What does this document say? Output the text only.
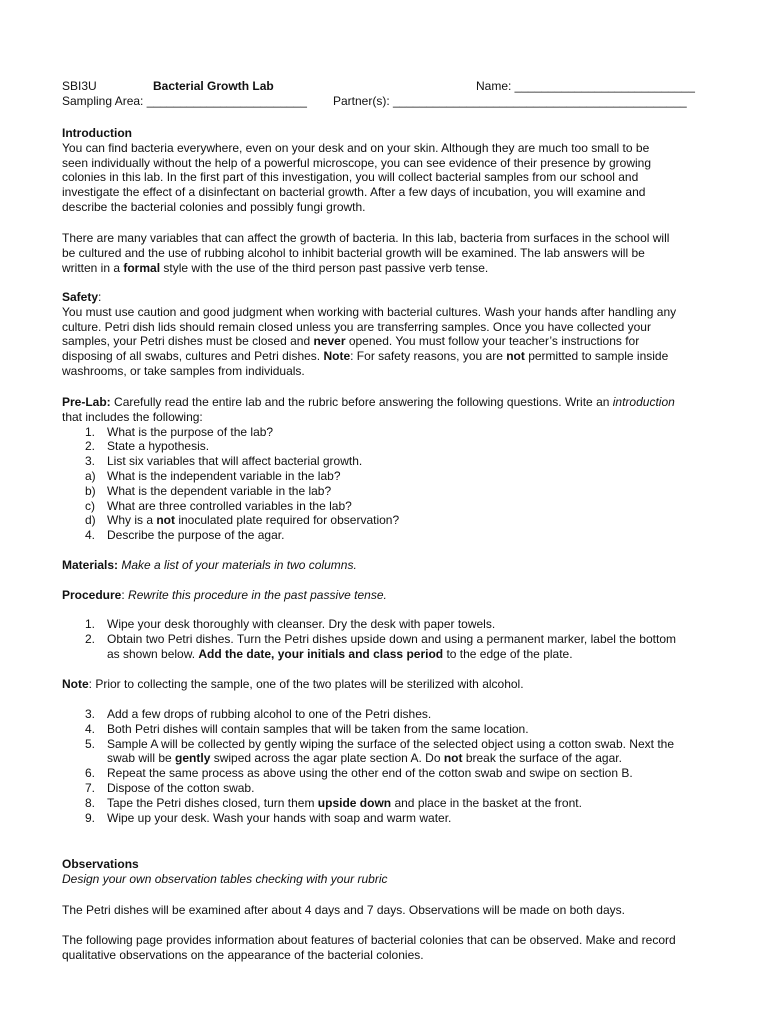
SBI3U	Bacterial Growth Lab	Name: ___________________________
Sampling Area: ________________________ Partner(s): ____________________________________________

Introduction

You can find bacteria everywhere, even on your desk and on your skin. Although they are much too small to be

seen individually without the help of a powerful microscope, you can see evidence of their presence by growing

colonies in this lab. In the first part of this investigation, you will collect bacterial samples from our school and

investigate the effect of a disinfectant on bacterial growth. After a few days of incubation, you will examine and

describe the bacterial colonies and possibly fungi growth.

There are many variables that can affect the growth of bacteria. In this lab, bacteria from surfaces in the school will

be cultured and the use of rubbing alcohol to inhibit bacterial growth will be examined. The lab answers will be

written in a formal style with the use of the third person past passive verb tense.

Safety:

You must use caution and good judgment when working with bacterial cultures. Wash your hands after handling any

culture. Petri dish lids should remain closed unless you are transferring samples. Once you have collected your

samples, your Petri dishes must be closed and never opened. You must follow your teacher’s instructions for

disposing of all swabs, cultures and Petri dishes. Note: For safety reasons, you are not permitted to sample inside

washrooms, or take samples from individuals.

Pre-Lab: Carefully read the entire lab and the rubric before answering the following questions. Write an introduction

that includes the following:

1. What is the purpose of the lab?
2. State a hypothesis.
3. List six variables that will affect bacterial growth.
a) What is the independent variable in the lab?
b) What is the dependent variable in the lab?
c) What are three controlled variables in the lab?
d) Why is a not inoculated plate required for observation?
4. Describe the purpose of the agar.

Materials: Make a list of your materials in two columns.

Procedure: Rewrite this procedure in the past passive tense.

1. Wipe your desk thoroughly with cleanser. Dry the desk with paper towels.
2. Obtain two Petri dishes. Turn the Petri dishes upside down and using a permanent marker, label the bottom
as shown below. Add the date, your initials and class period to the edge of the plate.

Note: Prior to collecting the sample, one of the two plates will be sterilized with alcohol.

3. Add a few drops of rubbing alcohol to one of the Petri dishes.
4. Both Petri dishes will contain samples that will be taken from the same location.
5. Sample A will be collected by gently wiping the surface of the selected object using a cotton swab. Next the
swab will be gently swiped across the agar plate section A. Do not break the surface of the agar.
6. Repeat the same process as above using the other end of the cotton swab and swipe on section B.
7. Dispose of the cotton swab.
8. Tape the Petri dishes closed, turn them upside down and place in the basket at the front.
9. Wipe up your desk. Wash your hands with soap and warm water.

Observations

Design your own observation tables checking with your rubric

The Petri dishes will be examined after about 4 days and 7 days. Observations will be made on both days.

The following page provides information about features of bacterial colonies that can be observed. Make and record

qualitative observations on the appearance of the bacterial colonies.
